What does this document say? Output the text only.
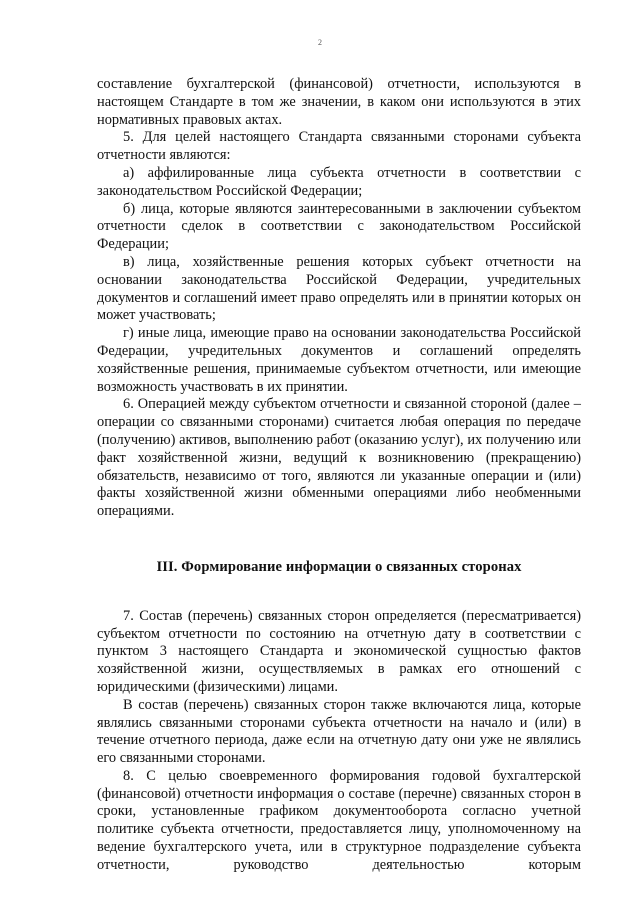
2

составление бухгалтерской (финансовой) отчетности, используются в настоящем Стандарте в том же значении, в каком они используются в этих нормативных правовых актах.

5. Для целей настоящего Стандарта связанными сторонами субъекта отчетности являются:

а) аффилированные лица субъекта отчетности в соответствии с законодательством Российской Федерации;

б) лица, которые являются заинтересованными в заключении субъектом отчетности сделок в соответствии с законодательством Российской Федерации;

в) лица, хозяйственные решения которых субъект отчетности на основании законодательства Российской Федерации, учредительных документов и соглашений имеет право определять или в принятии которых он может участвовать;

г) иные лица, имеющие право на основании законодательства Российской Федерации, учредительных документов и соглашений определять хозяйственные решения, принимаемые субъектом отчетности, или имеющие возможность участвовать в их принятии.

6. Операцией между субъектом отчетности и связанной стороной (далее – операции со связанными сторонами) считается любая операция по передаче (получению) активов, выполнению работ (оказанию услуг), их получению или факт хозяйственной жизни, ведущий к возникновению (прекращению) обязательств, независимо от того, являются ли указанные операции и (или) факты хозяйственной жизни обменными операциями либо необменными операциями.

III. Формирование информации о связанных сторонах

7. Состав (перечень) связанных сторон определяется (пересматривается) субъектом отчетности по состоянию на отчетную дату в соответствии с пунктом 3 настоящего Стандарта и экономической сущностью фактов хозяйственной жизни, осуществляемых в рамках его отношений с юридическими (физическими) лицами.

В состав (перечень) связанных сторон также включаются лица, которые являлись связанными сторонами субъекта отчетности на начало и (или) в течение отчетного периода, даже если на отчетную дату они уже не являлись его связанными сторонами.

8. С целью своевременного формирования годовой бухгалтерской (финансовой) отчетности информация о составе (перечне) связанных сторон в сроки, установленные графиком документооборота согласно учетной политике субъекта отчетности, предоставляется лицу, уполномоченному на ведение бухгалтерского учета, или в структурное подразделение субъекта отчетности, руководство деятельностью которым
